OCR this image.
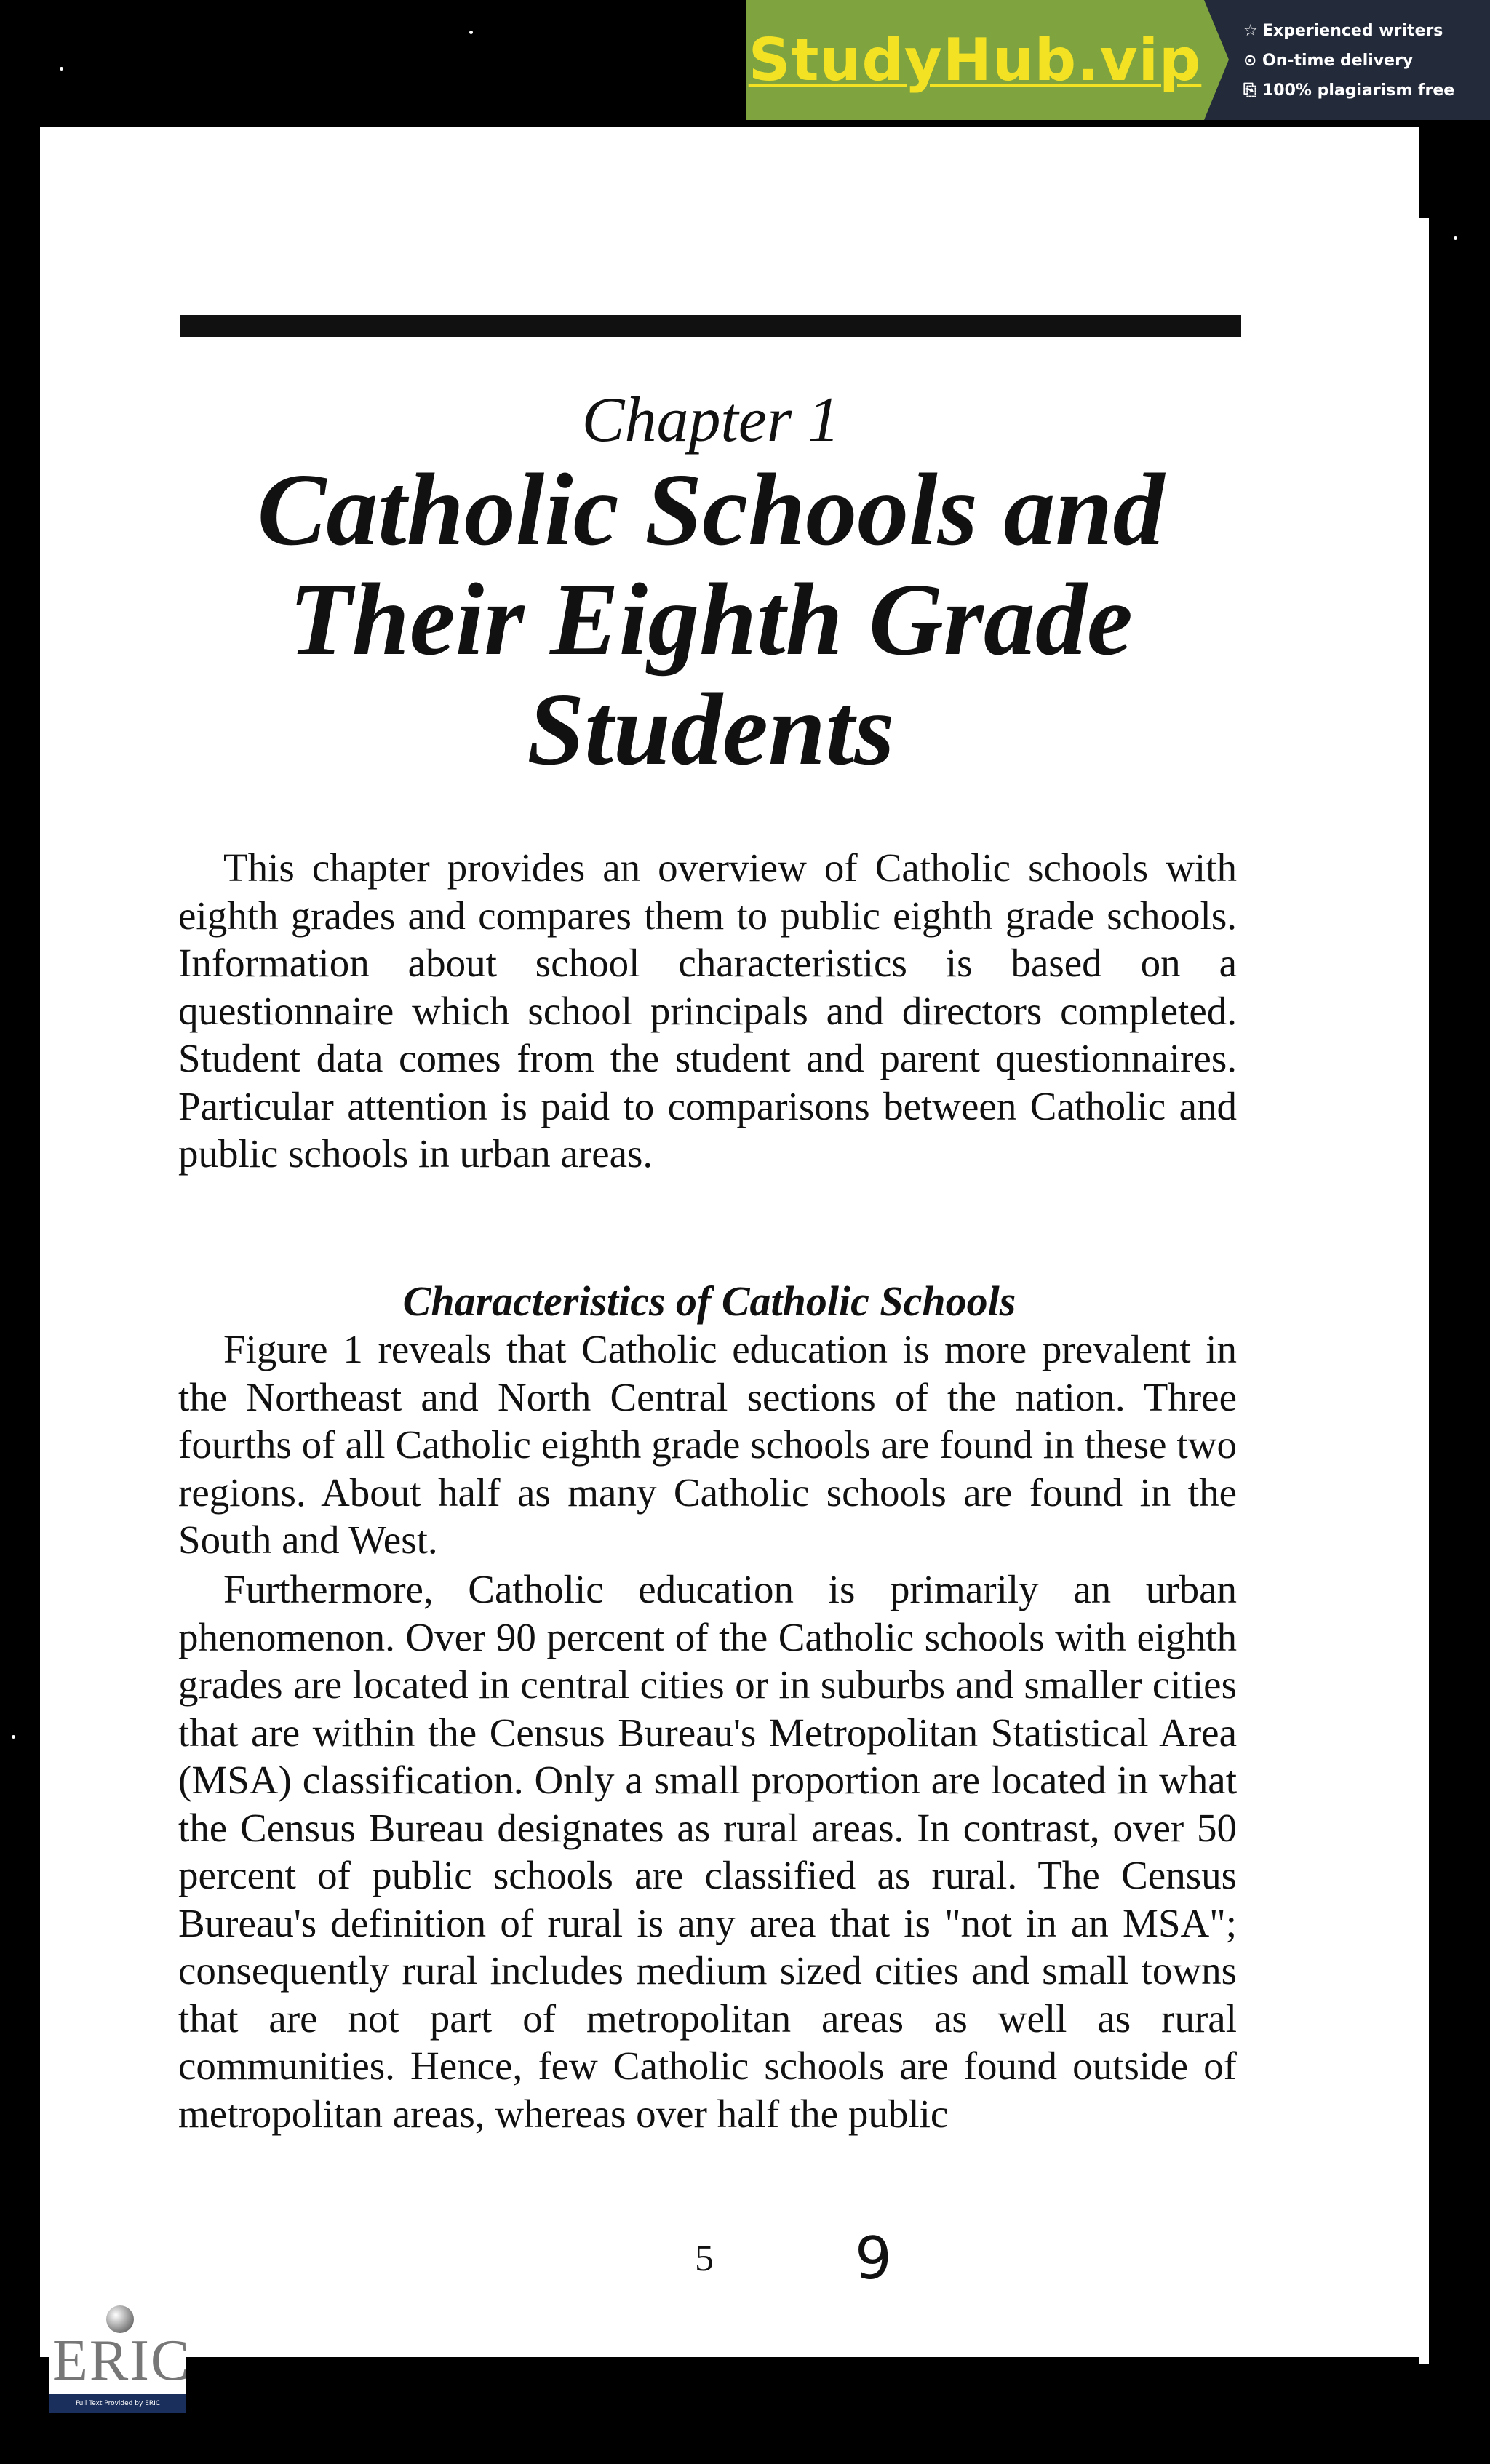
StudyHub.vip	☆ Experienced writers
⊙ On-time delivery
⎘ 100% plagiarism free
Chapter 1
Catholic Schools and Their Eighth Grade Students

This chapter provides an overview of Catholic schools with eighth grades and compares them to public eighth grade schools. Information about school characteristics is based on a questionnaire which school principals and directors completed. Student data comes from the student and parent questionnaires. Particular attention is paid to comparisons between Catholic and public schools in urban areas.

Characteristics of Catholic Schools

Figure 1 reveals that Catholic education is more prevalent in the Northeast and North Central sections of the nation. Three fourths of all Catholic eighth grade schools are found in these two regions. About half as many Catholic schools are found in the South and West.

Furthermore, Catholic education is primarily an urban phenomenon. Over 90 percent of the Catholic schools with eighth grades are located in central cities or in suburbs and smaller cities that are within the Census Bureau's Metropolitan Statistical Area (MSA) classification. Only a small proportion are located in what the Census Bureau designates as rural areas. In contrast, over 50 percent of public schools are classified as rural. The Census Bureau's definition of rural is any area that is "not in an MSA"; consequently rural includes medium sized cities and small towns that are not part of metropolitan areas as well as rural communities. Hence, few Catholic schools are found outside of metropolitan areas, whereas over half the public

5 9
ERIC
Full Text Provided by ERIC
